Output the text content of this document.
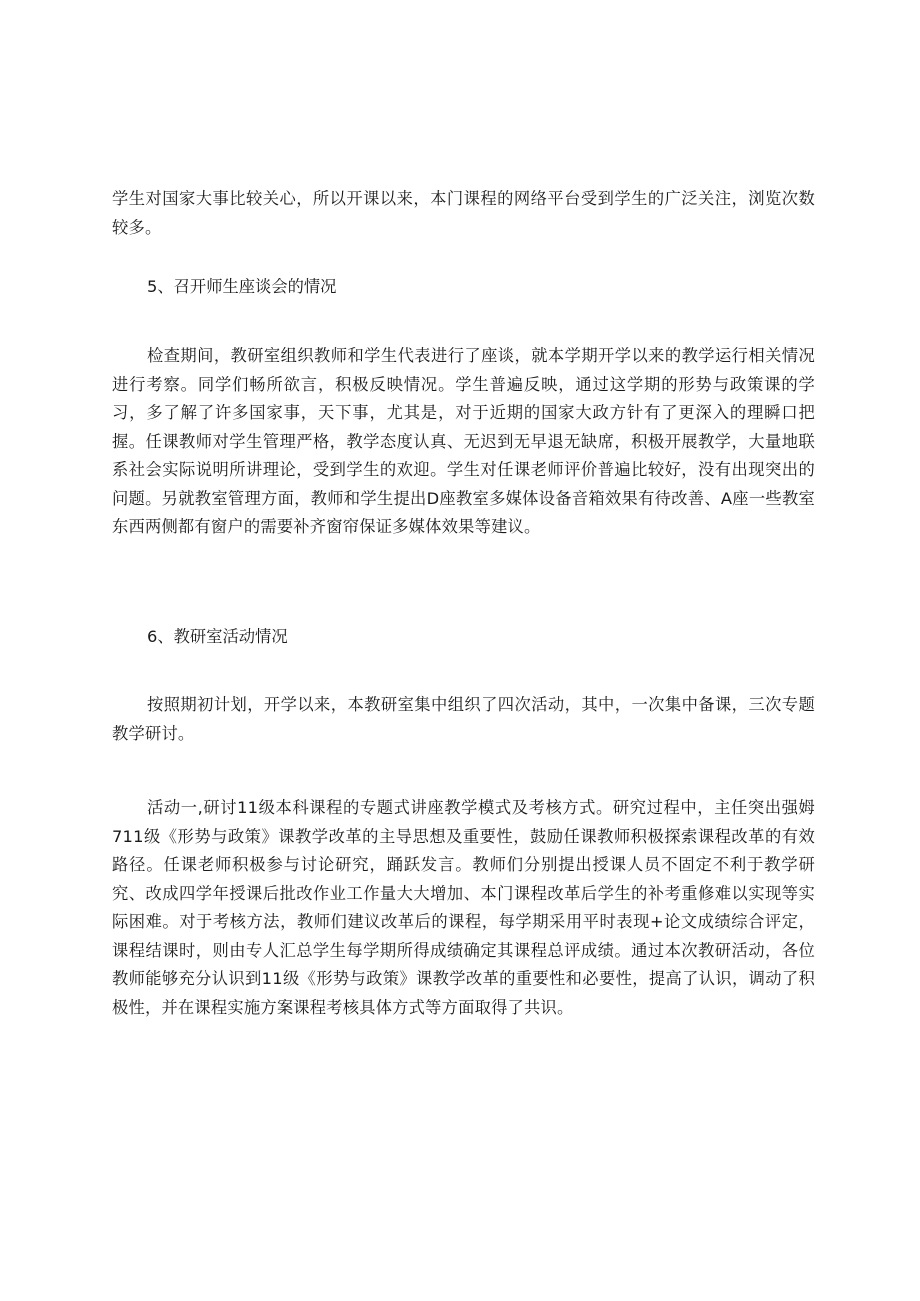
学生对国家大事比较关心，所以开课以来，本门课程的网络平台受到学生的广泛关注，浏览次数较多。

5、召开师生座谈会的情况

检查期间，教研室组织教师和学生代表进行了座谈，就本学期开学以来的教学运行相关情况进行考察。同学们畅所欲言，积极反映情况。学生普遍反映，通过这学期的形势与政策课的学习，多了解了许多国家事，天下事，尤其是，对于近期的国家大政方针有了更深入的理瞬口把握。任课教师对学生管理严格，教学态度认真、无迟到无早退无缺席，积极开展教学，大量地联系社会实际说明所讲理论，受到学生的欢迎。学生对任课老师评价普遍比较好，没有出现突出的问题。另就教室管理方面，教师和学生提出D座教室多媒体设备音箱效果有待改善、A座一些教室东西两侧都有窗户的需要补齐窗帘保证多媒体效果等建议。

6、教研室活动情况

按照期初计划，开学以来，本教研室集中组织了四次活动，其中，一次集中备课，三次专题教学研讨。

活动一,研讨11级本科课程的专题式讲座教学模式及考核方式。研究过程中，主任突出强姆711级《形势与政策》课教学改革的主导思想及重要性，鼓励任课教师积极探索课程改革的有效路径。任课老师积极参与讨论研究，踊跃发言。教师们分别提出授课人员不固定不利于教学研究、改成四学年授课后批改作业工作量大大增加、本门课程改革后学生的补考重修难以实现等实际困难。对于考核方法，教师们建议改革后的课程，每学期采用平时表现+论文成绩综合评定，课程结课时，则由专人汇总学生每学期所得成绩确定其课程总评成绩。通过本次教研活动，各位教师能够充分认识到11级《形势与政策》课教学改革的重要性和必要性，提高了认识，调动了积极性，并在课程实施方案课程考核具体方式等方面取得了共识。
